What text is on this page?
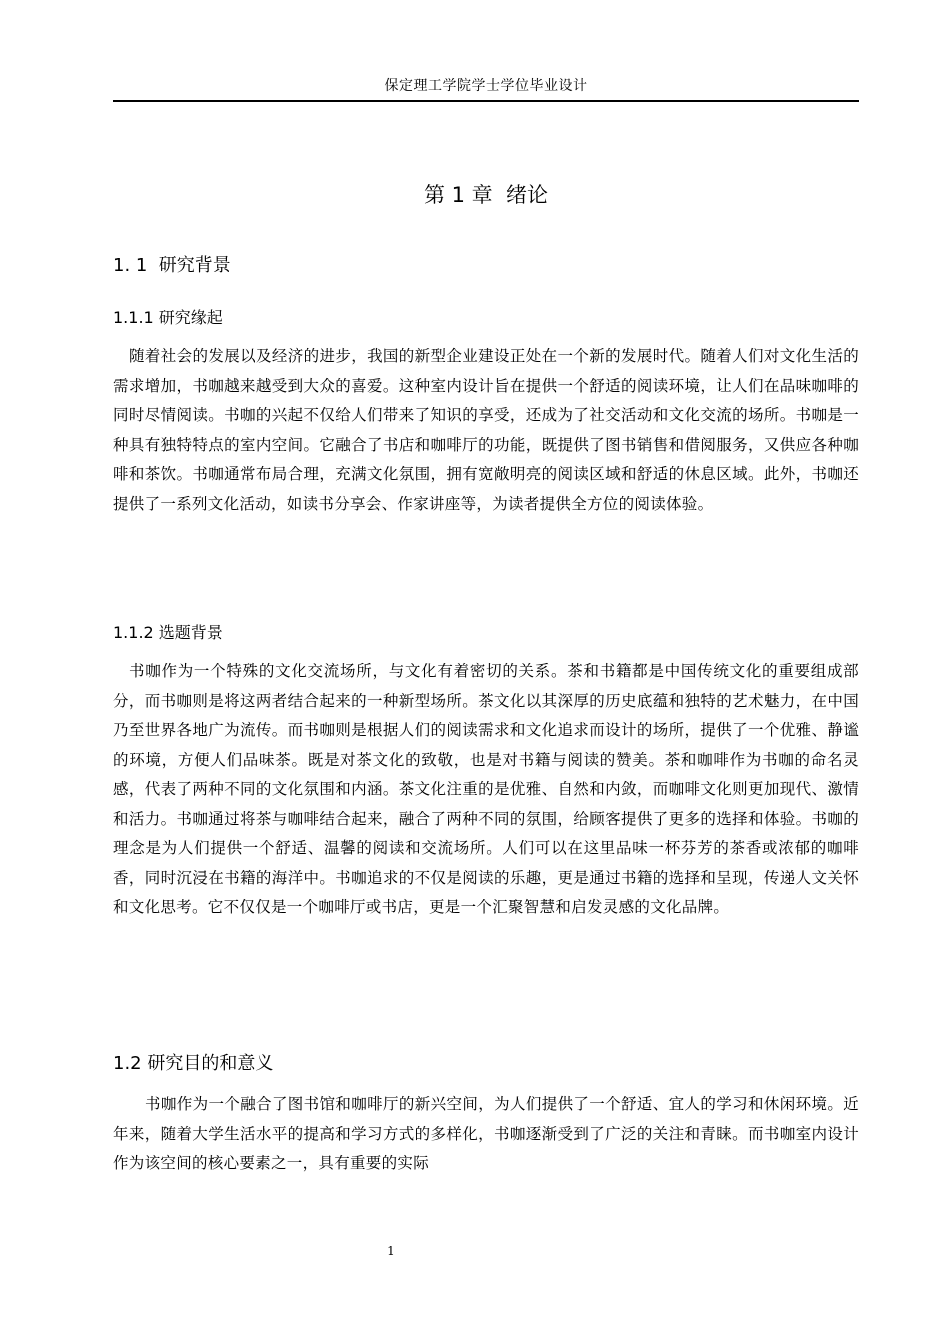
保定理工学院学士学位毕业设计
第 1 章  绪论
1. 1  研究背景
1.1.1 研究缘起
随着社会的发展以及经济的进步，我国的新型企业建设正处在一个新的发展时代。随着人们对文化生活的需求增加，书咖越来越受到大众的喜爱。这种室内设计旨在提供一个舒适的阅读环境，让人们在品味咖啡的同时尽情阅读。书咖的兴起不仅给人们带来了知识的享受，还成为了社交活动和文化交流的场所。书咖是一种具有独特特点的室内空间。它融合了书店和咖啡厅的功能，既提供了图书销售和借阅服务，又供应各种咖啡和茶饮。书咖通常布局合理，充满文化氛围，拥有宽敞明亮的阅读区域和舒适的休息区域。此外，书咖还提供了一系列文化活动，如读书分享会、作家讲座等，为读者提供全方位的阅读体验。
1.1.2 选题背景
书咖作为一个特殊的文化交流场所，与文化有着密切的关系。茶和书籍都是中国传统文化的重要组成部分，而书咖则是将这两者结合起来的一种新型场所。茶文化以其深厚的历史底蕴和独特的艺术魅力，在中国乃至世界各地广为流传。而书咖则是根据人们的阅读需求和文化追求而设计的场所，提供了一个优雅、静谧的环境，方便人们品味茶。既是对茶文化的致敬，也是对书籍与阅读的赞美。茶和咖啡作为书咖的命名灵感，代表了两种不同的文化氛围和内涵。茶文化注重的是优雅、自然和内敛，而咖啡文化则更加现代、激情和活力。书咖通过将茶与咖啡结合起来，融合了两种不同的氛围，给顾客提供了更多的选择和体验。书咖的理念是为人们提供一个舒适、温馨的阅读和交流场所。人们可以在这里品味一杯芬芳的茶香或浓郁的咖啡香，同时沉浸在书籍的海洋中。书咖追求的不仅是阅读的乐趣，更是通过书籍的选择和呈现，传递人文关怀和文化思考。它不仅仅是一个咖啡厅或书店，更是一个汇聚智慧和启发灵感的文化品牌。
1.2 研究目的和意义
书咖作为一个融合了图书馆和咖啡厅的新兴空间，为人们提供了一个舒适、宜人的学习和休闲环境。近年来，随着大学生活水平的提高和学习方式的多样化，书咖逐渐受到了广泛的关注和青睐。而书咖室内设计作为该空间的核心要素之一，具有重要的实际
1
